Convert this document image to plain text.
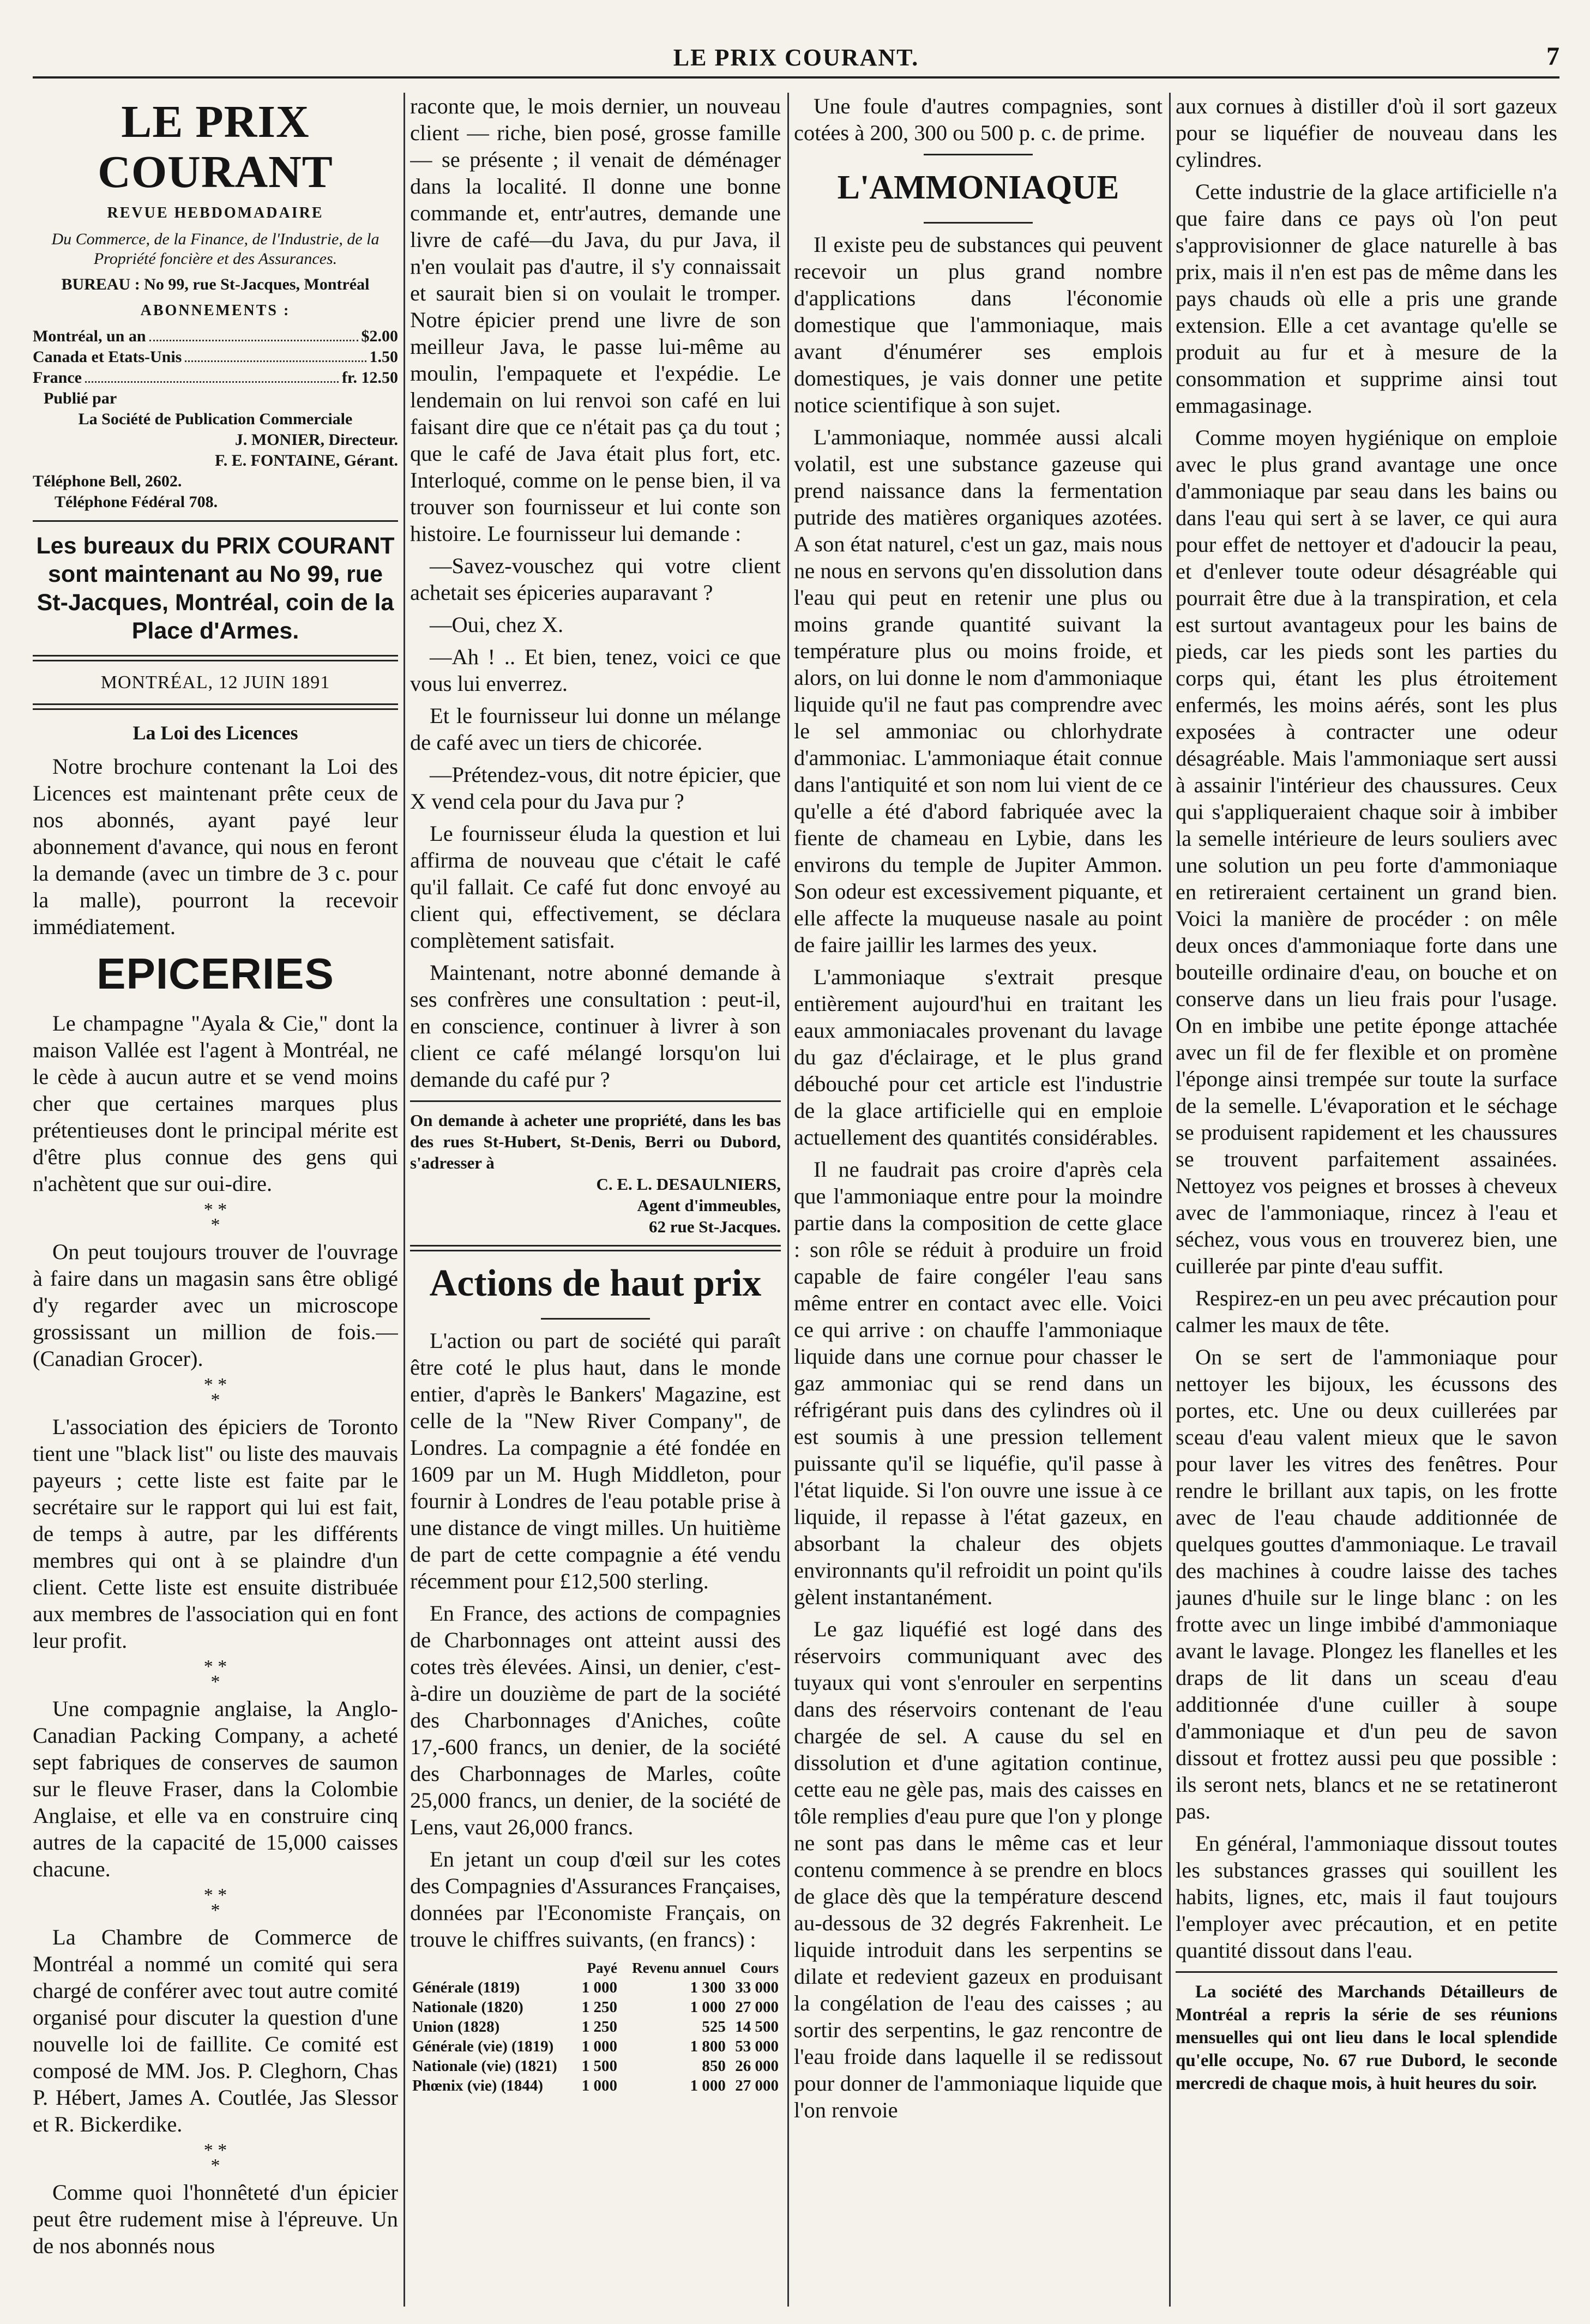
LE PRIX COURANT.	7
LE PRIX COURANT
REVUE HEBDOMADAIRE
Du Commerce, de la Finance, de l'Industrie, de la Propriété foncière et des Assurances.
BUREAU : No 99, rue St-Jacques, Montréal
ABONNEMENTS :
Montréal, un an	$2.00
Canada et Etats-Unis	1.50
France	fr. 12.50
Publié par
La Société de Publication Commerciale
J. MONIER, Directeur.
F. E. FONTAINE, Gérant.
Téléphone Bell, 2602.
Téléphone Fédéral 708.
Les bureaux du PRIX COURANT sont maintenant au No 99, rue St-Jacques, Montréal, coin de la Place d'Armes.
MONTRÉAL, 12 JUIN 1891
La Loi des Licences

Notre brochure contenant la Loi des Licences est maintenant prête ceux de nos abonnés, ayant payé leur abonnement d'avance, qui nous en feront la demande (avec un timbre de 3 c. pour la malle), pourront la recevoir immédiatement.

EPICERIES

Le champagne "Ayala & Cie," dont la maison Vallée est l'agent à Montréal, ne le cède à aucun autre et se vend moins cher que certaines marques plus prétentieuses dont le principal mérite est d'être plus connue des gens qui n'achètent que sur oui-dire.

* *
*

On peut toujours trouver de l'ouvrage à faire dans un magasin sans être obligé d'y regarder avec un microscope grossissant un million de fois.—(Canadian Grocer).

* *
*

L'association des épiciers de Toronto tient une "black list" ou liste des mauvais payeurs ; cette liste est faite par le secrétaire sur le rapport qui lui est fait, de temps à autre, par les différents membres qui ont à se plaindre d'un client. Cette liste est ensuite distribuée aux membres de l'association qui en font leur profit.

* *
*

Une compagnie anglaise, la Anglo-Canadian Packing Company, a acheté sept fabriques de conserves de saumon sur le fleuve Fraser, dans la Colombie Anglaise, et elle va en construire cinq autres de la capacité de 15,000 caisses chacune.

* *
*

La Chambre de Commerce de Montréal a nommé un comité qui sera chargé de conférer avec tout autre comité organisé pour discuter la question d'une nouvelle loi de faillite. Ce comité est composé de MM. Jos. P. Cleghorn, Chas P. Hébert, James A. Coutlée, Jas Slessor et R. Bickerdike.

* *
*

Comme quoi l'honnêteté d'un épicier peut être rudement mise à l'épreuve. Un de nos abonnés nous

raconte que, le mois dernier, un nouveau client — riche, bien posé, grosse famille — se présente ; il venait de déménager dans la localité. Il donne une bonne commande et, entr'autres, demande une livre de café—du Java, du pur Java, il n'en voulait pas d'autre, il s'y connaissait et saurait bien si on voulait le tromper. Notre épicier prend une livre de son meilleur Java, le passe lui-même au moulin, l'empaquete et l'expédie. Le lendemain on lui renvoi son café en lui faisant dire que ce n'était pas ça du tout ; que le café de Java était plus fort, etc. Interloqué, comme on le pense bien, il va trouver son fournisseur et lui conte son histoire. Le fournisseur lui demande :

—Savez-vouschez qui votre client achetait ses épiceries auparavant ?

—Oui, chez X.

—Ah ! .. Et bien, tenez, voici ce que vous lui enverrez.

Et le fournisseur lui donne un mélange de café avec un tiers de chicorée.

—Prétendez-vous, dit notre épicier, que X vend cela pour du Java pur ?

Le fournisseur éluda la question et lui affirma de nouveau que c'était le café qu'il fallait. Ce café fut donc envoyé au client qui, effectivement, se déclara complètement satisfait.

Maintenant, notre abonné demande à ses confrères une consultation : peut-il, en conscience, continuer à livrer à son client ce café mélangé lorsqu'on lui demande du café pur ?

On demande à acheter une propriété, dans les bas des rues St-Hubert, St-Denis, Berri ou Dubord, s'adresser à
C. E. L. DESAULNIERS,
Agent d'immeubles,
62 rue St-Jacques.
Actions de haut prix

L'action ou part de société qui paraît être coté le plus haut, dans le monde entier, d'après le Bankers' Magazine, est celle de la "New River Company", de Londres. La compagnie a été fondée en 1609 par un M. Hugh Middleton, pour fournir à Londres de l'eau potable prise à une distance de vingt milles. Un huitième de part de cette compagnie a été vendu récemment pour £12,500 sterling.

En France, des actions de compagnies de Charbonnages ont atteint aussi des cotes très élevées. Ainsi, un denier, c'est-à-dire un douzième de part de la société des Charbonnages d'Aniches, coûte 17,-600 francs, un denier, de la société des Charbonnages de Marles, coûte 25,000 francs, un denier, de la société de Lens, vaut 26,000 francs.

En jetant un coup d'œil sur les cotes des Compagnies d'Assurances Françaises, données par l'Economiste Français, on trouve le chiffres suivants, (en francs) :

	Payé	Revenu annuel	Cours
Générale (1819)	1 000	1 300	33 000
Nationale (1820)	1 250	1 000	27 000
Union (1828)	1 250	525	14 500
Générale (vie) (1819)	1 000	1 800	53 000
Nationale (vie) (1821)	1 500	850	26 000
Phœnix (vie) (1844)	1 000	1 000	27 000

Une foule d'autres compagnies, sont cotées à 200, 300 ou 500 p. c. de prime.

L'AMMONIAQUE

Il existe peu de substances qui peuvent recevoir un plus grand nombre d'applications dans l'économie domestique que l'ammoniaque, mais avant d'énumérer ses emplois domestiques, je vais donner une petite notice scientifique à son sujet.

L'ammoniaque, nommée aussi alcali volatil, est une substance gazeuse qui prend naissance dans la fermentation putride des matières organiques azotées. A son état naturel, c'est un gaz, mais nous ne nous en servons qu'en dissolution dans l'eau qui peut en retenir une plus ou moins grande quantité suivant la température plus ou moins froide, et alors, on lui donne le nom d'ammoniaque liquide qu'il ne faut pas comprendre avec le sel ammoniac ou chlorhydrate d'ammoniac. L'ammoniaque était connue dans l'antiquité et son nom lui vient de ce qu'elle a été d'abord fabriquée avec la fiente de chameau en Lybie, dans les environs du temple de Jupiter Ammon. Son odeur est excessivement piquante, et elle affecte la muqueuse nasale au point de faire jaillir les larmes des yeux.

L'ammoniaque s'extrait presque entièrement aujourd'hui en traitant les eaux ammoniacales provenant du lavage du gaz d'éclairage, et le plus grand débouché pour cet article est l'industrie de la glace artificielle qui en emploie actuellement des quantités considérables.

Il ne faudrait pas croire d'après cela que l'ammoniaque entre pour la moindre partie dans la composition de cette glace : son rôle se réduit à produire un froid capable de faire congéler l'eau sans même entrer en contact avec elle. Voici ce qui arrive : on chauffe l'ammoniaque liquide dans une cornue pour chasser le gaz ammoniac qui se rend dans un réfrigérant puis dans des cylindres où il est soumis à une pression tellement puissante qu'il se liquéfie, qu'il passe à l'état liquide. Si l'on ouvre une issue à ce liquide, il repasse à l'état gazeux, en absorbant la chaleur des objets environnants qu'il refroidit un point qu'ils gèlent instantanément.

Le gaz liquéfié est logé dans des réservoirs communiquant avec des tuyaux qui vont s'enrouler en serpentins dans des réservoirs contenant de l'eau chargée de sel. A cause du sel en dissolution et d'une agitation continue, cette eau ne gèle pas, mais des caisses en tôle remplies d'eau pure que l'on y plonge ne sont pas dans le même cas et leur contenu commence à se prendre en blocs de glace dès que la température descend au-dessous de 32 degrés Fakrenheit. Le liquide introduit dans les serpentins se dilate et redevient gazeux en produisant la congélation de l'eau des caisses ; au sortir des serpentins, le gaz rencontre de l'eau froide dans laquelle il se redissout pour donner de l'ammoniaque liquide que l'on renvoie

aux cornues à distiller d'où il sort gazeux pour se liquéfier de nouveau dans les cylindres.

Cette industrie de la glace artificielle n'a que faire dans ce pays où l'on peut s'approvisionner de glace naturelle à bas prix, mais il n'en est pas de même dans les pays chauds où elle a pris une grande extension. Elle a cet avantage qu'elle se produit au fur et à mesure de la consommation et supprime ainsi tout emmagasinage.

Comme moyen hygiénique on emploie avec le plus grand avantage une once d'ammoniaque par seau dans les bains ou dans l'eau qui sert à se laver, ce qui aura pour effet de nettoyer et d'adoucir la peau, et d'enlever toute odeur désagréable qui pourrait être due à la transpiration, et cela est surtout avantageux pour les bains de pieds, car les pieds sont les parties du corps qui, étant les plus étroitement enfermés, les moins aérés, sont les plus exposées à contracter une odeur désagréable. Mais l'ammoniaque sert aussi à assainir l'intérieur des chaussures. Ceux qui s'appliqueraient chaque soir à imbiber la semelle intérieure de leurs souliers avec une solution un peu forte d'ammoniaque en retireraient certainent un grand bien. Voici la manière de procéder : on mêle deux onces d'ammoniaque forte dans une bouteille ordinaire d'eau, on bouche et on conserve dans un lieu frais pour l'usage. On en imbibe une petite éponge attachée avec un fil de fer flexible et on promène l'éponge ainsi trempée sur toute la surface de la semelle. L'évaporation et le séchage se produisent rapidement et les chaussures se trouvent parfaitement assainées. Nettoyez vos peignes et brosses à cheveux avec de l'ammoniaque, rincez à l'eau et séchez, vous vous en trouverez bien, une cuillerée par pinte d'eau suffit.

Respirez-en un peu avec précaution pour calmer les maux de tête.

On se sert de l'ammoniaque pour nettoyer les bijoux, les écussons des portes, etc. Une ou deux cuillerées par sceau d'eau valent mieux que le savon pour laver les vitres des fenêtres. Pour rendre le brillant aux tapis, on les frotte avec de l'eau chaude additionnée de quelques gouttes d'ammoniaque. Le travail des machines à coudre laisse des taches jaunes d'huile sur le linge blanc : on les frotte avec un linge imbibé d'ammoniaque avant le lavage. Plongez les flanelles et les draps de lit dans un sceau d'eau additionnée d'une cuiller à soupe d'ammoniaque et d'un peu de savon dissout et frottez aussi peu que possible : ils seront nets, blancs et ne se retatineront pas.

En général, l'ammoniaque dissout toutes les substances grasses qui souillent les habits, lignes, etc, mais il faut toujours l'employer avec précaution, et en petite quantité dissout dans l'eau.

La société des Marchands Détailleurs de Montréal a repris la série de ses réunions mensuelles qui ont lieu dans le local splendide qu'elle occupe, No. 67 rue Dubord, le seconde mercredi de chaque mois, à huit heures du soir.
